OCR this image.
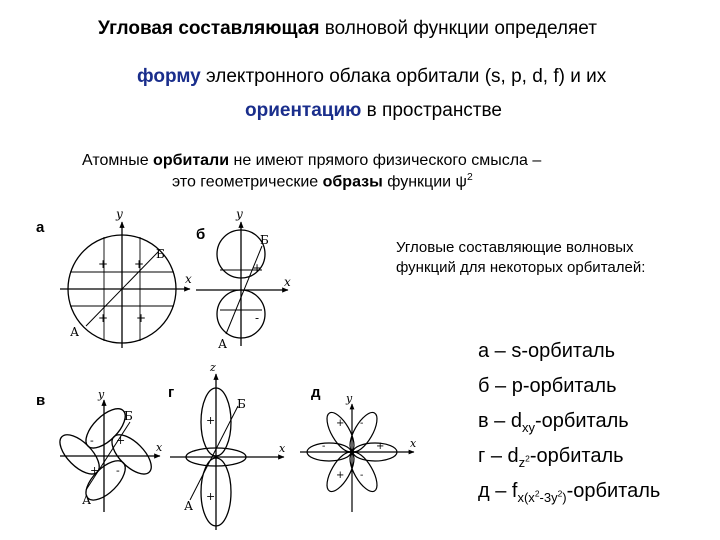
Угловая составляющая волновой функции определяет
форму электронного облака орбитали (s, p, d, f) и их
ориентацию в пространстве
Атомные орбитали не имеют прямого физического смысла –
это геометрические образы функции $\psi^2$
а	б
в	г	д
+ +
+ +
x
y
Б
А
+
-
x
y
Б
А
- +
+ -
x
y
Б
А
+
+
-	x
z
Б
А
+
-
+
-
+ -
x
y
Угловые составляющие волновых
функций для некоторых орбиталей:
а – s-орбиталь
б – p-орбиталь
в – $d_{xy}$-орбиталь
г – $d_{z^2}$-орбиталь
д – $f_{x(x^2-3y^2)}$-орбиталь
